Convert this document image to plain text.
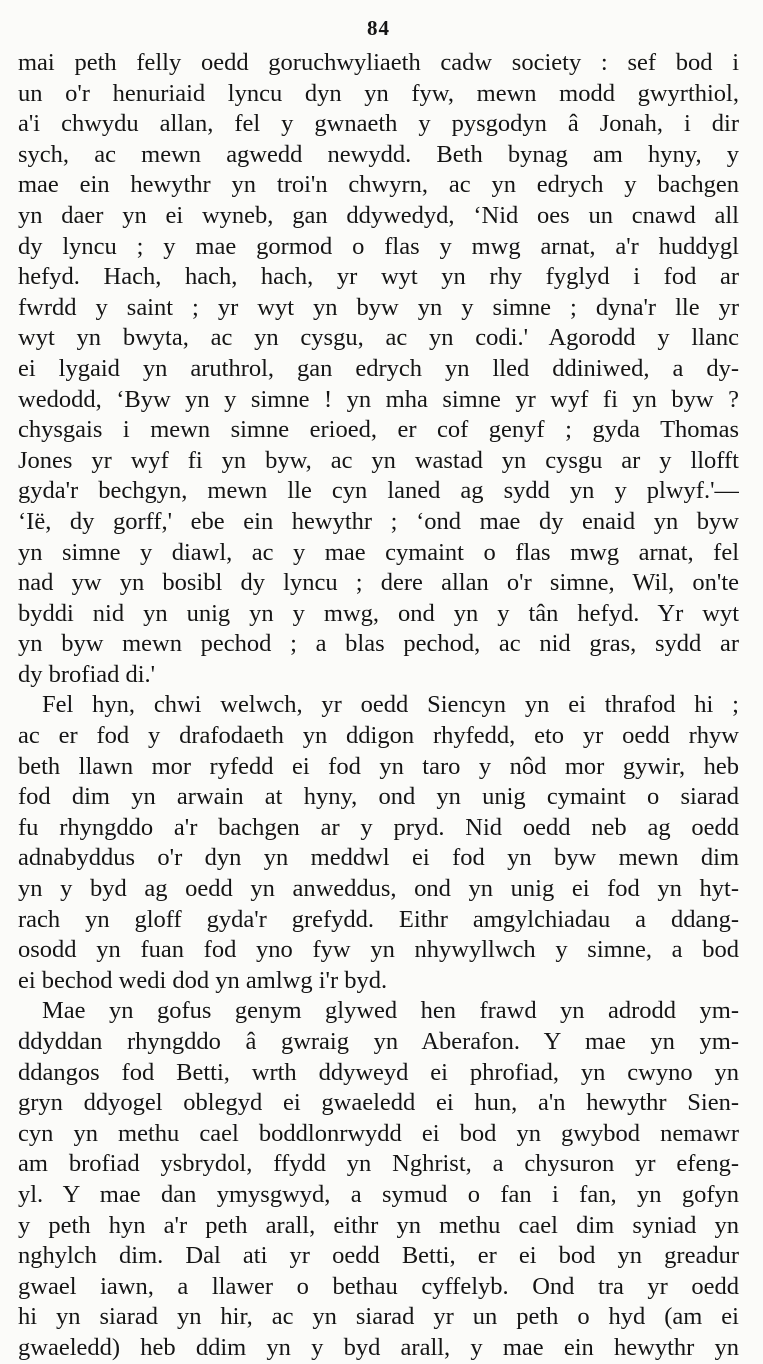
84
mai peth felly oedd goruchwyliaeth cadw society : sef bod i
un o'r henuriaid lyncu dyn yn fyw, mewn modd gwyrthiol,
a'i chwydu allan, fel y gwnaeth y pysgodyn â Jonah, i dir
sych, ac mewn agwedd newydd. Beth bynag am hyny, y
mae ein hewythr yn troi'n chwyrn, ac yn edrych y bachgen
yn daer yn ei wyneb, gan ddywedyd, ‘Nid oes un cnawd all
dy lyncu ; y mae gormod o flas y mwg arnat, a'r huddygl
hefyd. Hach, hach, hach, yr wyt yn rhy fyglyd i fod ar
fwrdd y saint ; yr wyt yn byw yn y simne ; dyna'r lle yr
wyt yn bwyta, ac yn cysgu, ac yn codi.' Agorodd y llanc
ei lygaid yn aruthrol, gan edrych yn lled ddiniwed, a dy-
wedodd, ‘Byw yn y simne ! yn mha simne yr wyf fi yn byw ?
chysgais i mewn simne erioed, er cof genyf ; gyda Thomas
Jones yr wyf fi yn byw, ac yn wastad yn cysgu ar y llofft
gyda'r bechgyn, mewn lle cyn laned ag sydd yn y plwyf.'—
‘Ië, dy gorff,' ebe ein hewythr ; ‘ond mae dy enaid yn byw
yn simne y diawl, ac y mae cymaint o flas mwg arnat, fel
nad yw yn bosibl dy lyncu ; dere allan o'r simne, Wil, on'te
byddi nid yn unig yn y mwg, ond yn y tân hefyd. Yr wyt
yn byw mewn pechod ; a blas pechod, ac nid gras, sydd ar
dy brofiad di.'
Fel hyn, chwi welwch, yr oedd Siencyn yn ei thrafod hi ;
ac er fod y drafodaeth yn ddigon rhyfedd, eto yr oedd rhyw
beth llawn mor ryfedd ei fod yn taro y nôd mor gywir, heb
fod dim yn arwain at hyny, ond yn unig cymaint o siarad
fu rhyngddo a'r bachgen ar y pryd. Nid oedd neb ag oedd
adnabyddus o'r dyn yn meddwl ei fod yn byw mewn dim
yn y byd ag oedd yn anweddus, ond yn unig ei fod yn hyt-
rach yn gloff gyda'r grefydd. Eithr amgylchiadau a ddang-
osodd yn fuan fod yno fyw yn nhywyllwch y simne, a bod
ei bechod wedi dod yn amlwg i'r byd.
Mae yn gofus genym glywed hen frawd yn adrodd ym-
ddyddan rhyngddo â gwraig yn Aberafon. Y mae yn ym-
ddangos fod Betti, wrth ddyweyd ei phrofiad, yn cwyno yn
gryn ddyogel oblegyd ei gwaeledd ei hun, a'n hewythr Sien-
cyn yn methu cael boddlonrwydd ei bod yn gwybod nemawr
am brofiad ysbrydol, ffydd yn Nghrist, a chysuron yr efeng-
yl. Y mae dan ymysgwyd, a symud o fan i fan, yn gofyn
y peth hyn a'r peth arall, eithr yn methu cael dim syniad yn
nghylch dim. Dal ati yr oedd Betti, er ei bod yn greadur
gwael iawn, a llawer o bethau cyffelyb. Ond tra yr oedd
hi yn siarad yn hir, ac yn siarad yr un peth o hyd (am ei
gwaeledd) heb ddim yn y byd arall, y mae ein hewythr yn
